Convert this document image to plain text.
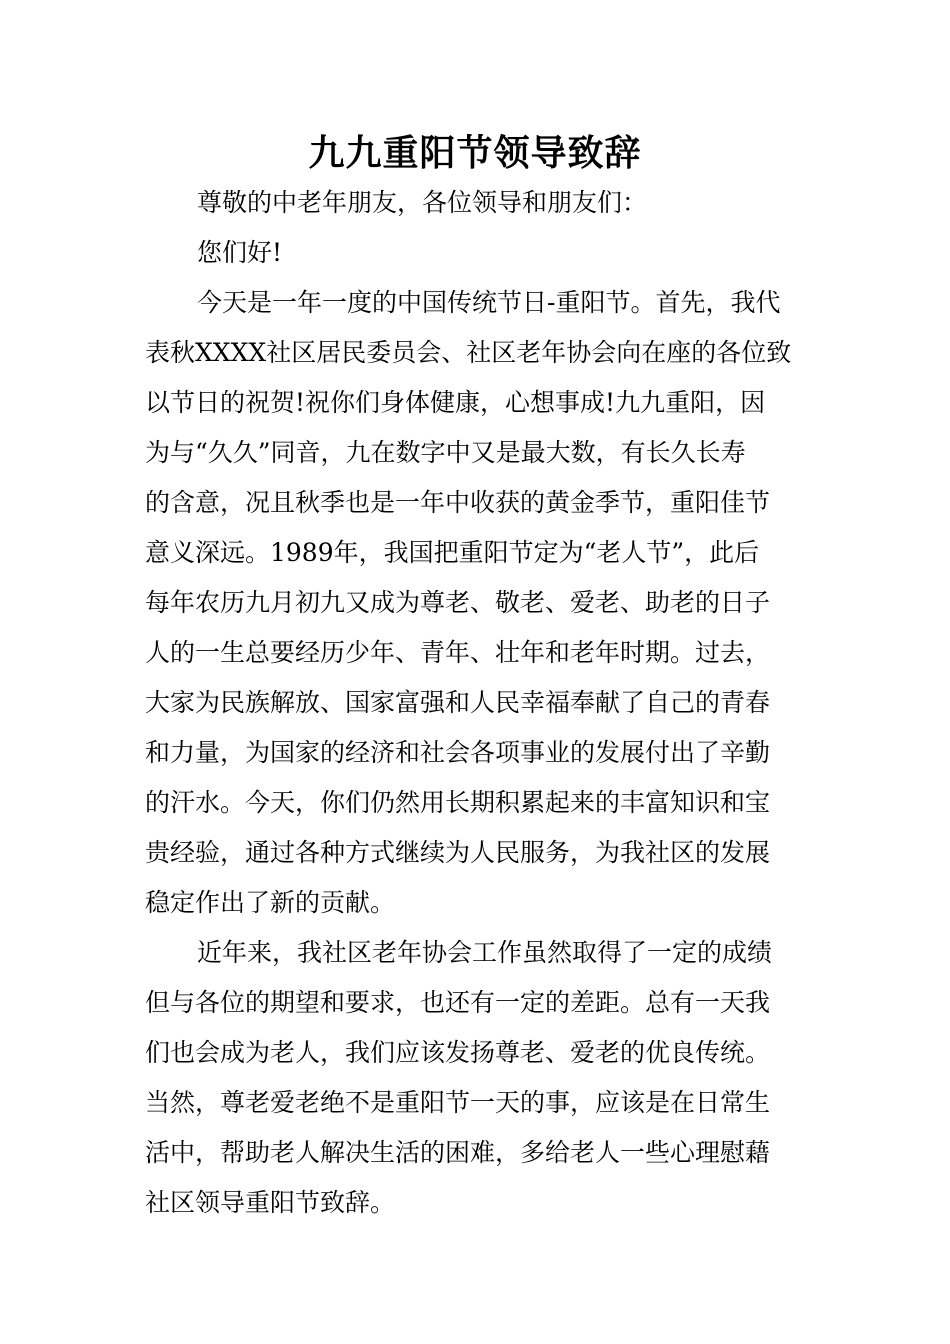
九九重阳节领导致辞
尊敬的中老年朋友，各位领导和朋友们：
您们好!
今天是一年一度的中国传统节日-重阳节。首先，我代
表秋XXXX社区居民委员会、社区老年协会向在座的各位致
以节日的祝贺!祝你们身体健康，心想事成!九九重阳，因
为与“久久”同音，九在数字中又是最大数，有长久长寿
的含意，况且秋季也是一年中收获的黄金季节，重阳佳节
意义深远。1989年，我国把重阳节定为“老人节”，此后
每年农历九月初九又成为尊老、敬老、爱老、助老的日子
人的一生总要经历少年、青年、壮年和老年时期。过去，
大家为民族解放、国家富强和人民幸福奉献了自己的青春
和力量，为国家的经济和社会各项事业的发展付出了辛勤
的汗水。今天，你们仍然用长期积累起来的丰富知识和宝
贵经验，通过各种方式继续为人民服务，为我社区的发展
稳定作出了新的贡献。
近年来，我社区老年协会工作虽然取得了一定的成绩
但与各位的期望和要求，也还有一定的差距。总有一天我
们也会成为老人，我们应该发扬尊老、爱老的优良传统。
当然，尊老爱老绝不是重阳节一天的事，应该是在日常生
活中，帮助老人解决生活的困难，多给老人一些心理慰藉
社区领导重阳节致辞。
